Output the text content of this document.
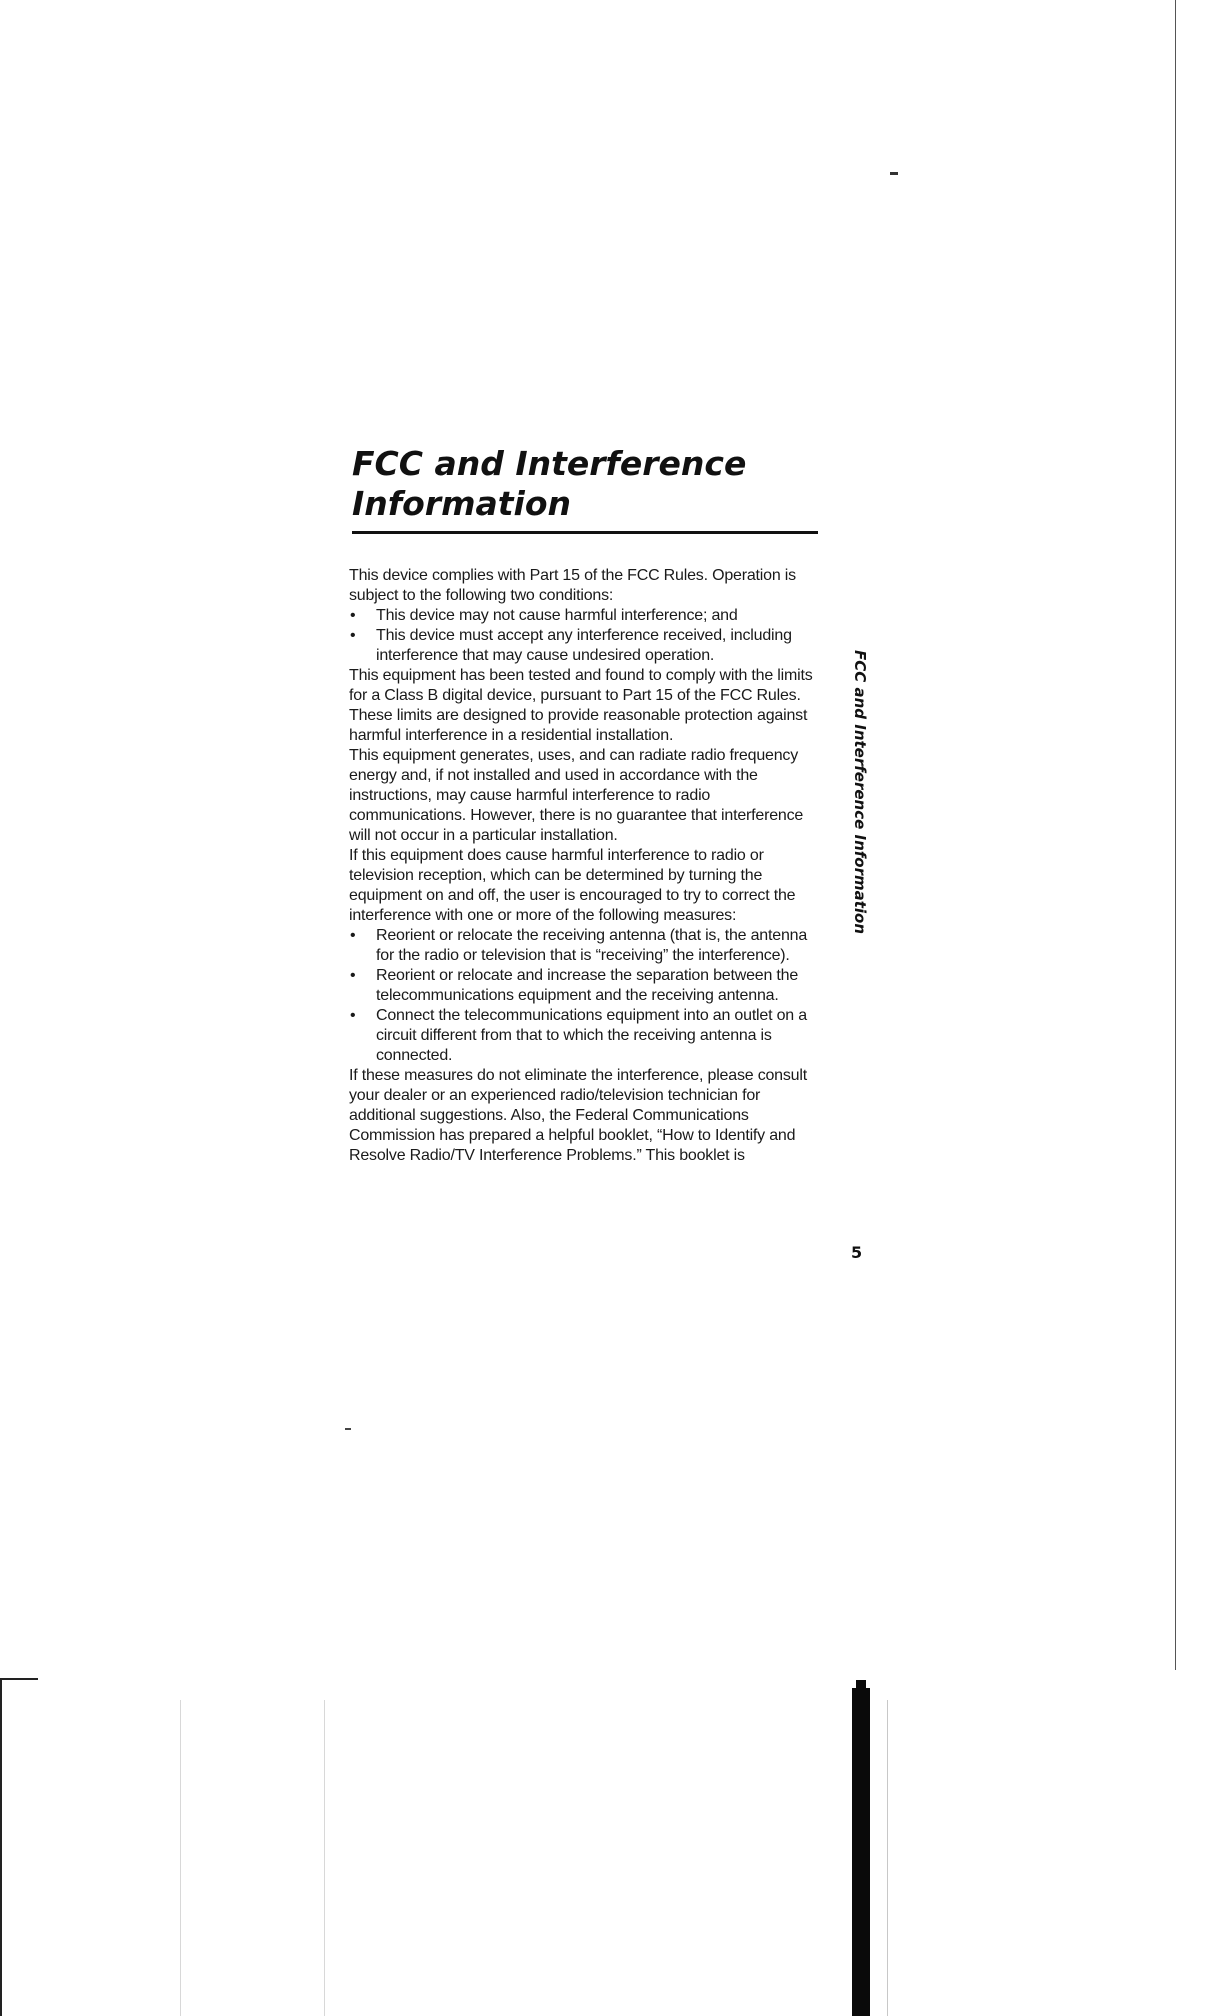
FCC and Interference
Information

This device complies with Part 15 of the FCC Rules. Operation is subject to the following two conditions:

• This device may not cause harmful interference; and
• This device must accept any interference received, including interference that may cause undesired operation.

This equipment has been tested and found to comply with the limits for a Class B digital device, pursuant to Part 15 of the FCC Rules. These limits are designed to provide reasonable protection against harmful interference in a residential installation.

This equipment generates, uses, and can radiate radio frequency energy and, if not installed and used in accordance with the instructions, may cause harmful interference to radio communications. However, there is no guarantee that interference will not occur in a particular installation.

If this equipment does cause harmful interference to radio or television reception, which can be determined by turning the equipment on and off, the user is encouraged to try to correct the interference with one or more of the following measures:

• Reorient or relocate the receiving antenna (that is, the antenna for the radio or television that is “receiving” the interference).
• Reorient or relocate and increase the separation between the telecommunications equipment and the receiving antenna.
• Connect the telecommunications equipment into an outlet on a circuit different from that to which the receiving antenna is connected.

If these measures do not eliminate the interference, please consult your dealer or an experienced radio/television technician for additional suggestions. Also, the Federal Communications Commission has prepared a helpful booklet, “How to Identify and Resolve Radio/TV Interference Problems.” This booklet is

FCC and Interference Information
5
